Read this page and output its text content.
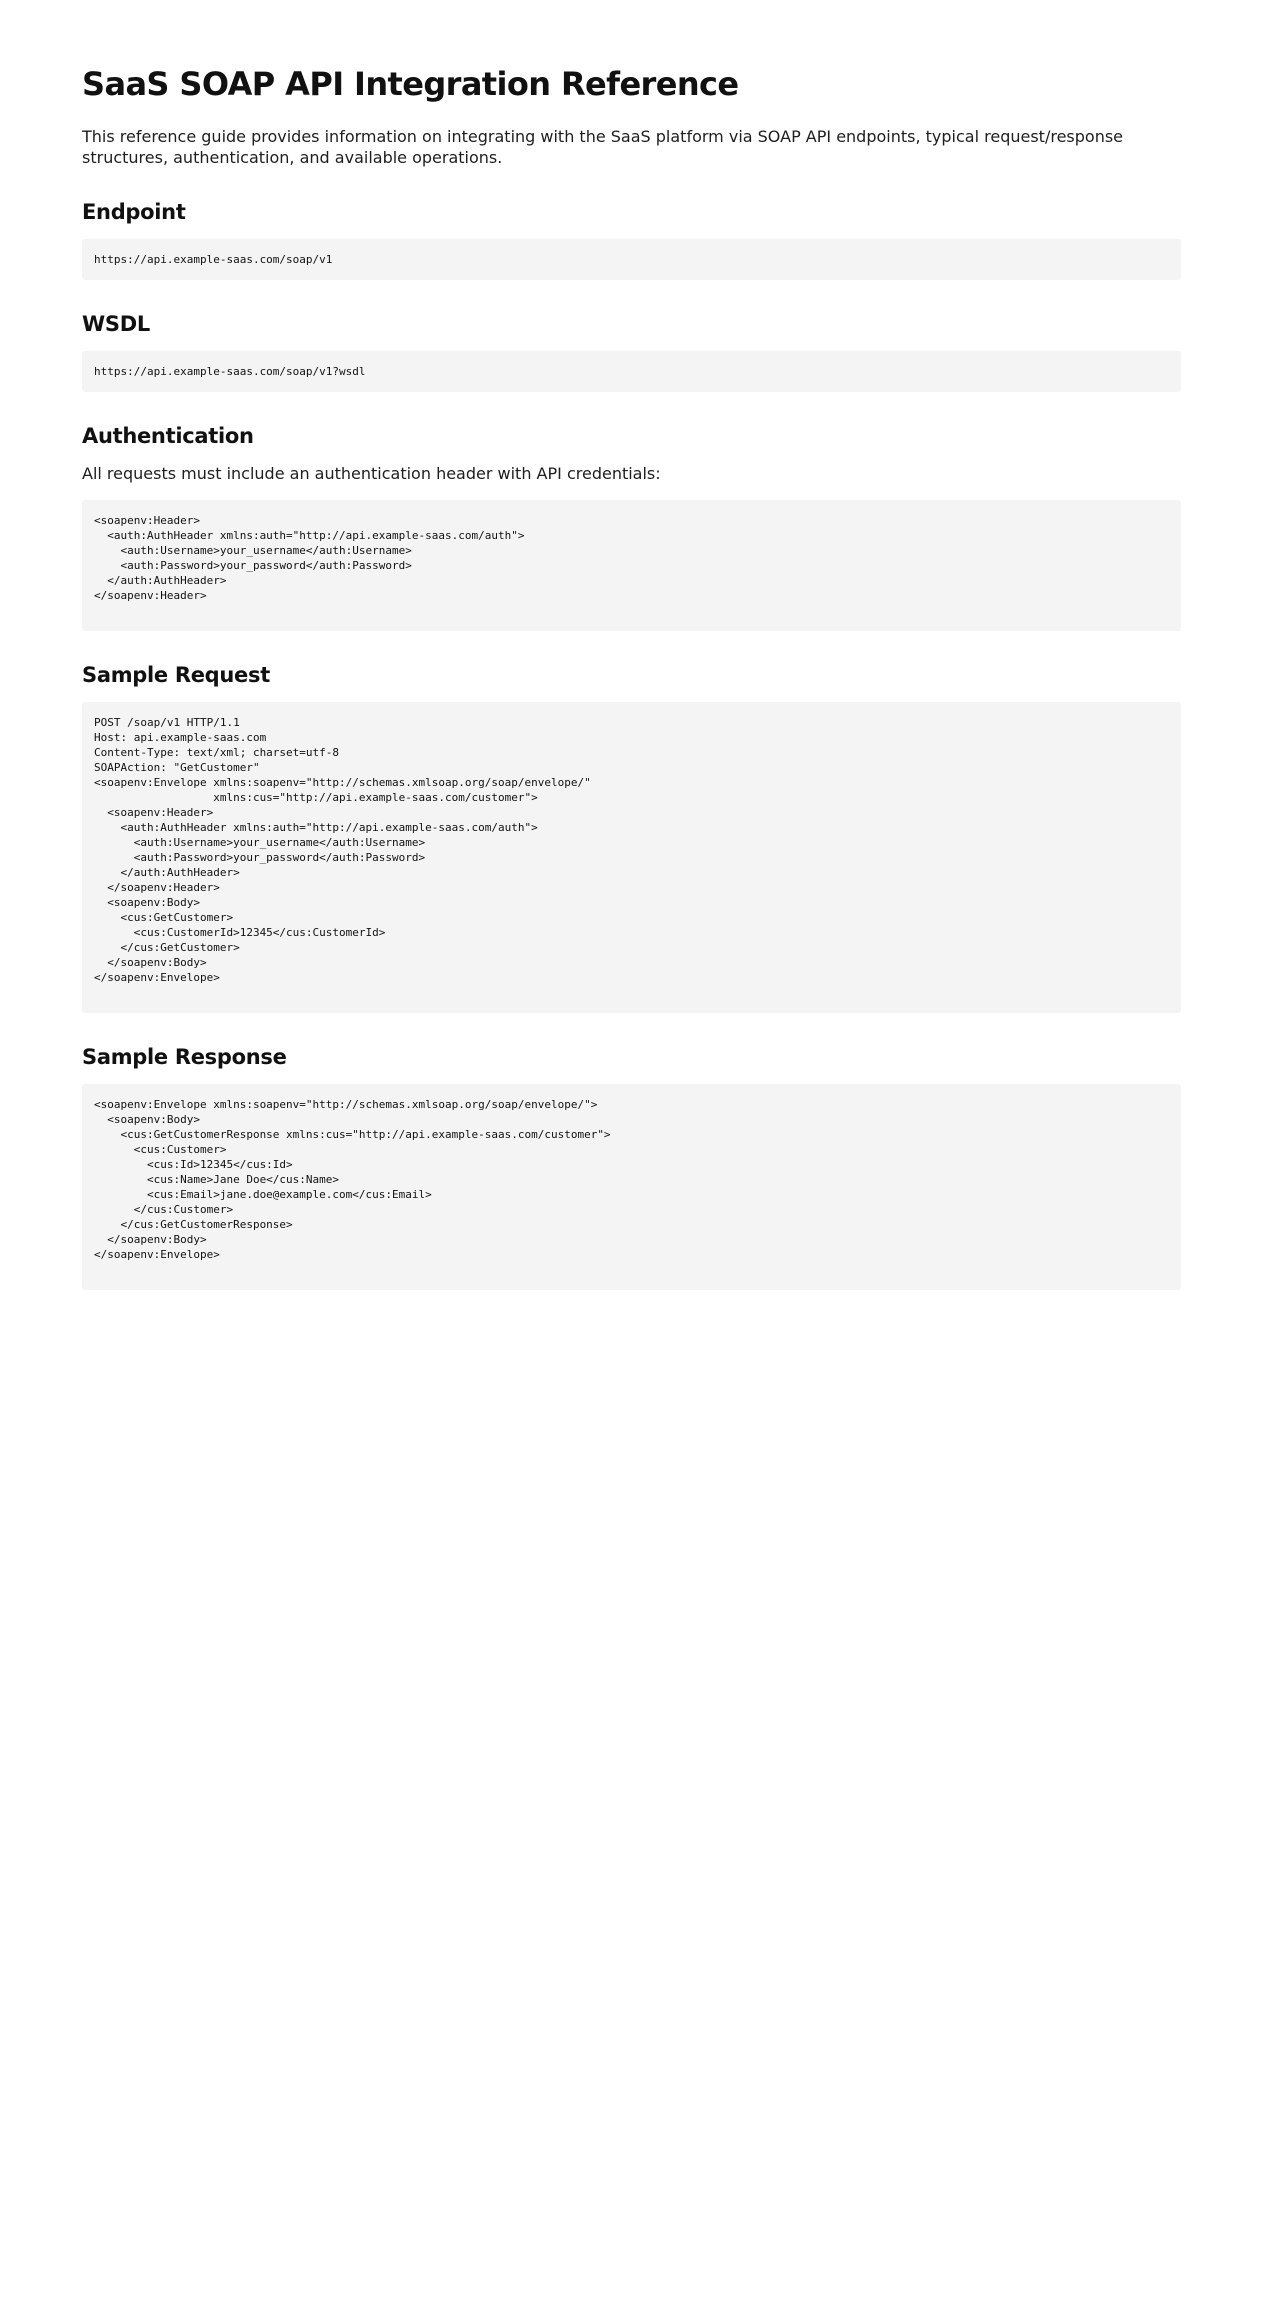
SaaS SOAP API Integration Reference

This reference guide provides information on integrating with the SaaS platform via SOAP API endpoints, typical request/response structures, authentication, and available operations.

Endpoint
https://api.example-saas.com/soap/v1
WSDL
https://api.example-saas.com/soap/v1?wsdl
Authentication

All requests must include an authentication header with API credentials:

<soapenv:Header>
<auth:AuthHeader xmlns:auth="http://api.example-saas.com/auth">
<auth:Username>your_username</auth:Username>
<auth:Password>your_password</auth:Password>
</auth:AuthHeader>
</soapenv:Header>
Sample Request
POST /soap/v1 HTTP/1.1
Host: api.example-saas.com
Content-Type: text/xml; charset=utf-8
SOAPAction: "GetCustomer"
<soapenv:Envelope xmlns:soapenv="http://schemas.xmlsoap.org/soap/envelope/"
xmlns:cus="http://api.example-saas.com/customer">
<soapenv:Header>
<auth:AuthHeader xmlns:auth="http://api.example-saas.com/auth">
<auth:Username>your_username</auth:Username>
<auth:Password>your_password</auth:Password>
</auth:AuthHeader>
</soapenv:Header>
<soapenv:Body>
<cus:GetCustomer>
<cus:CustomerId>12345</cus:CustomerId>
</cus:GetCustomer>
</soapenv:Body>
</soapenv:Envelope>
Sample Response
<soapenv:Envelope xmlns:soapenv="http://schemas.xmlsoap.org/soap/envelope/">
<soapenv:Body>
<cus:GetCustomerResponse xmlns:cus="http://api.example-saas.com/customer">
<cus:Customer>
<cus:Id>12345</cus:Id>
<cus:Name>Jane Doe</cus:Name>
<cus:Email>jane.doe@example.com</cus:Email>
</cus:Customer>
</cus:GetCustomerResponse>
</soapenv:Body>
</soapenv:Envelope>
